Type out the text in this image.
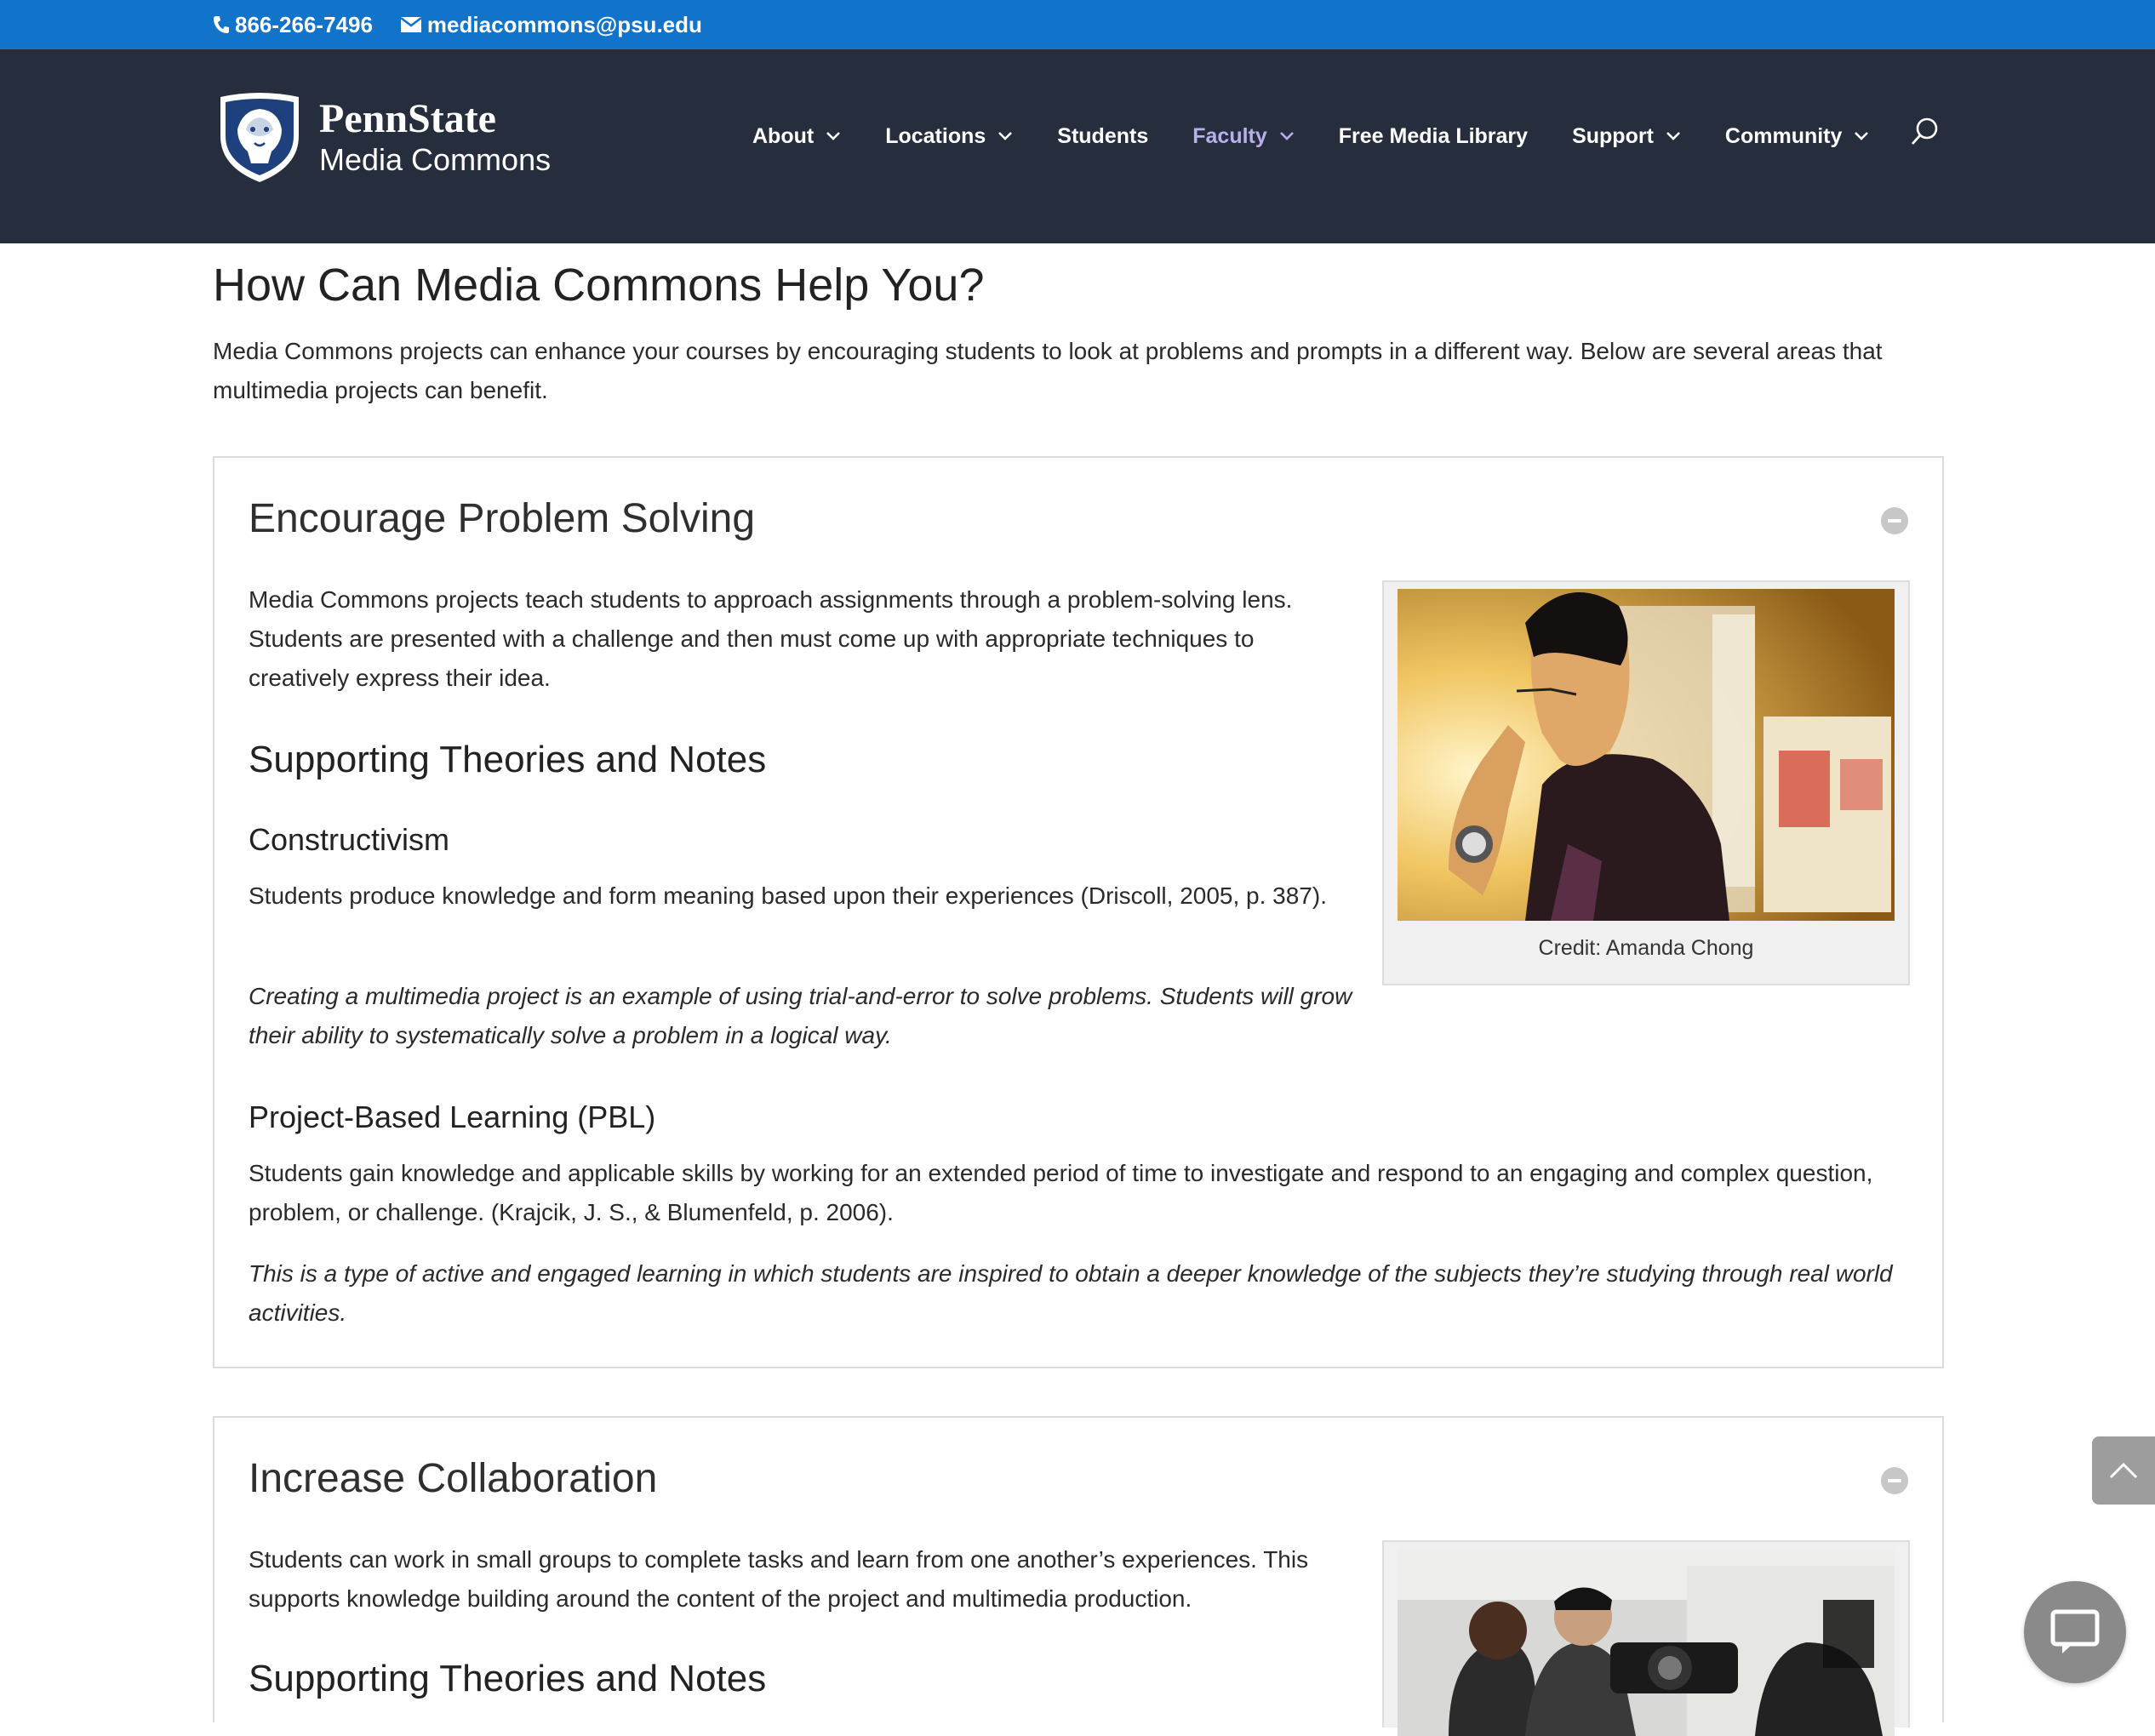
866-266-7496 mediacommons@psu.edu
PennState
Media Commons
About	Locations	Students Faculty	Free Media Library Support	Community
How Can Media Commons Help You?

Media Commons projects can enhance your courses by encouraging students to look at problems and prompts in a different way. Below are several areas that multimedia projects can benefit.

Encourage Problem Solving

Media Commons projects teach students to approach assignments through a problem-solving lens. Students are presented with a challenge and then must come up with appropriate techniques to creatively express their idea.

Supporting Theories and Notes
Constructivism

Students produce knowledge and form meaning based upon their experiences (Driscoll, 2005, p. 387).

Creating a multimedia project is an example of using trial-and-error to solve problems. Students will grow their ability to systematically solve a problem in a logical way.

Project-Based Learning (PBL)

Students gain knowledge and applicable skills by working for an extended period of time to investigate and respond to an engaging and complex question, problem, or challenge. (Krajcik, J. S., & Blumenfeld, p. 2006).

This is a type of active and engaged learning in which students are inspired to obtain a deeper knowledge of the subjects they’re studying through real world activities.

Credit: Amanda Chong
Increase Collaboration

Students can work in small groups to complete tasks and learn from one another’s experiences. This supports knowledge building around the content of the project and multimedia production.

Supporting Theories and Notes
